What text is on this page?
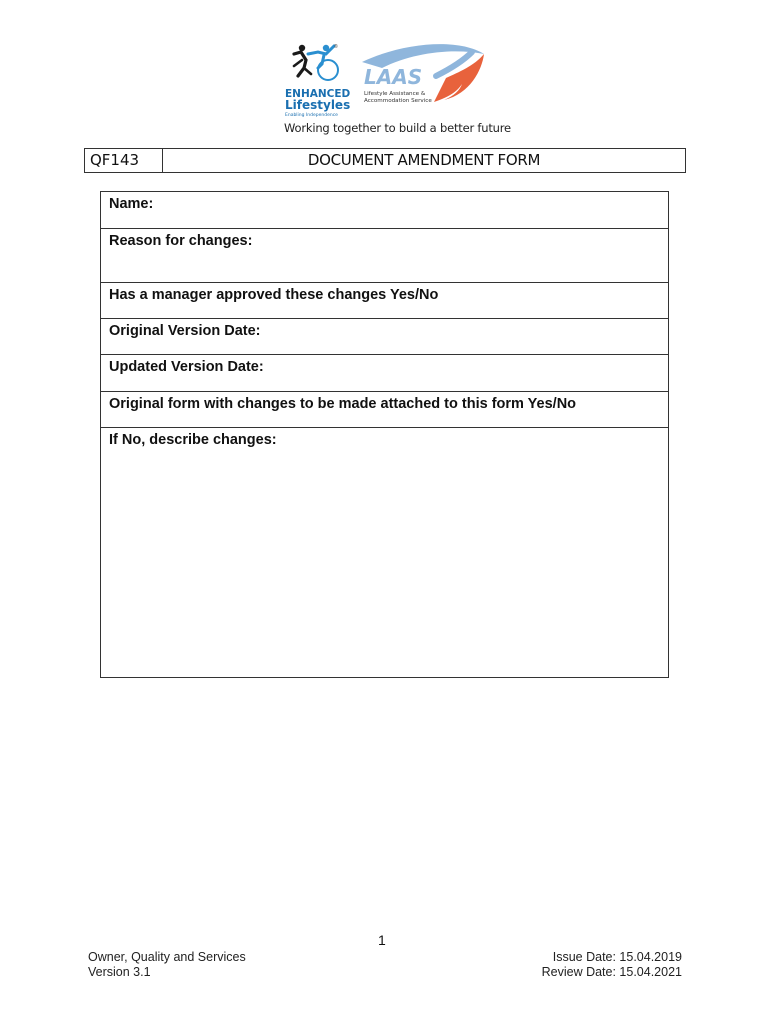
®
ENHANCED
Lifestyles
Enabling Independence
LAAS
Lifestyle Assistance &
Accommodation Service
Working together to build a better future
QF143	DOCUMENT AMENDMENT FORM
Name:
Reason for changes:
Has a manager approved these changes Yes/No
Original Version Date:
Updated Version Date:
Original form with changes to be made attached to this form Yes/No
If No, describe changes:
1
Owner, Quality and Services
Version 3.1
Issue Date: 15.04.2019
Review Date: 15.04.2021
